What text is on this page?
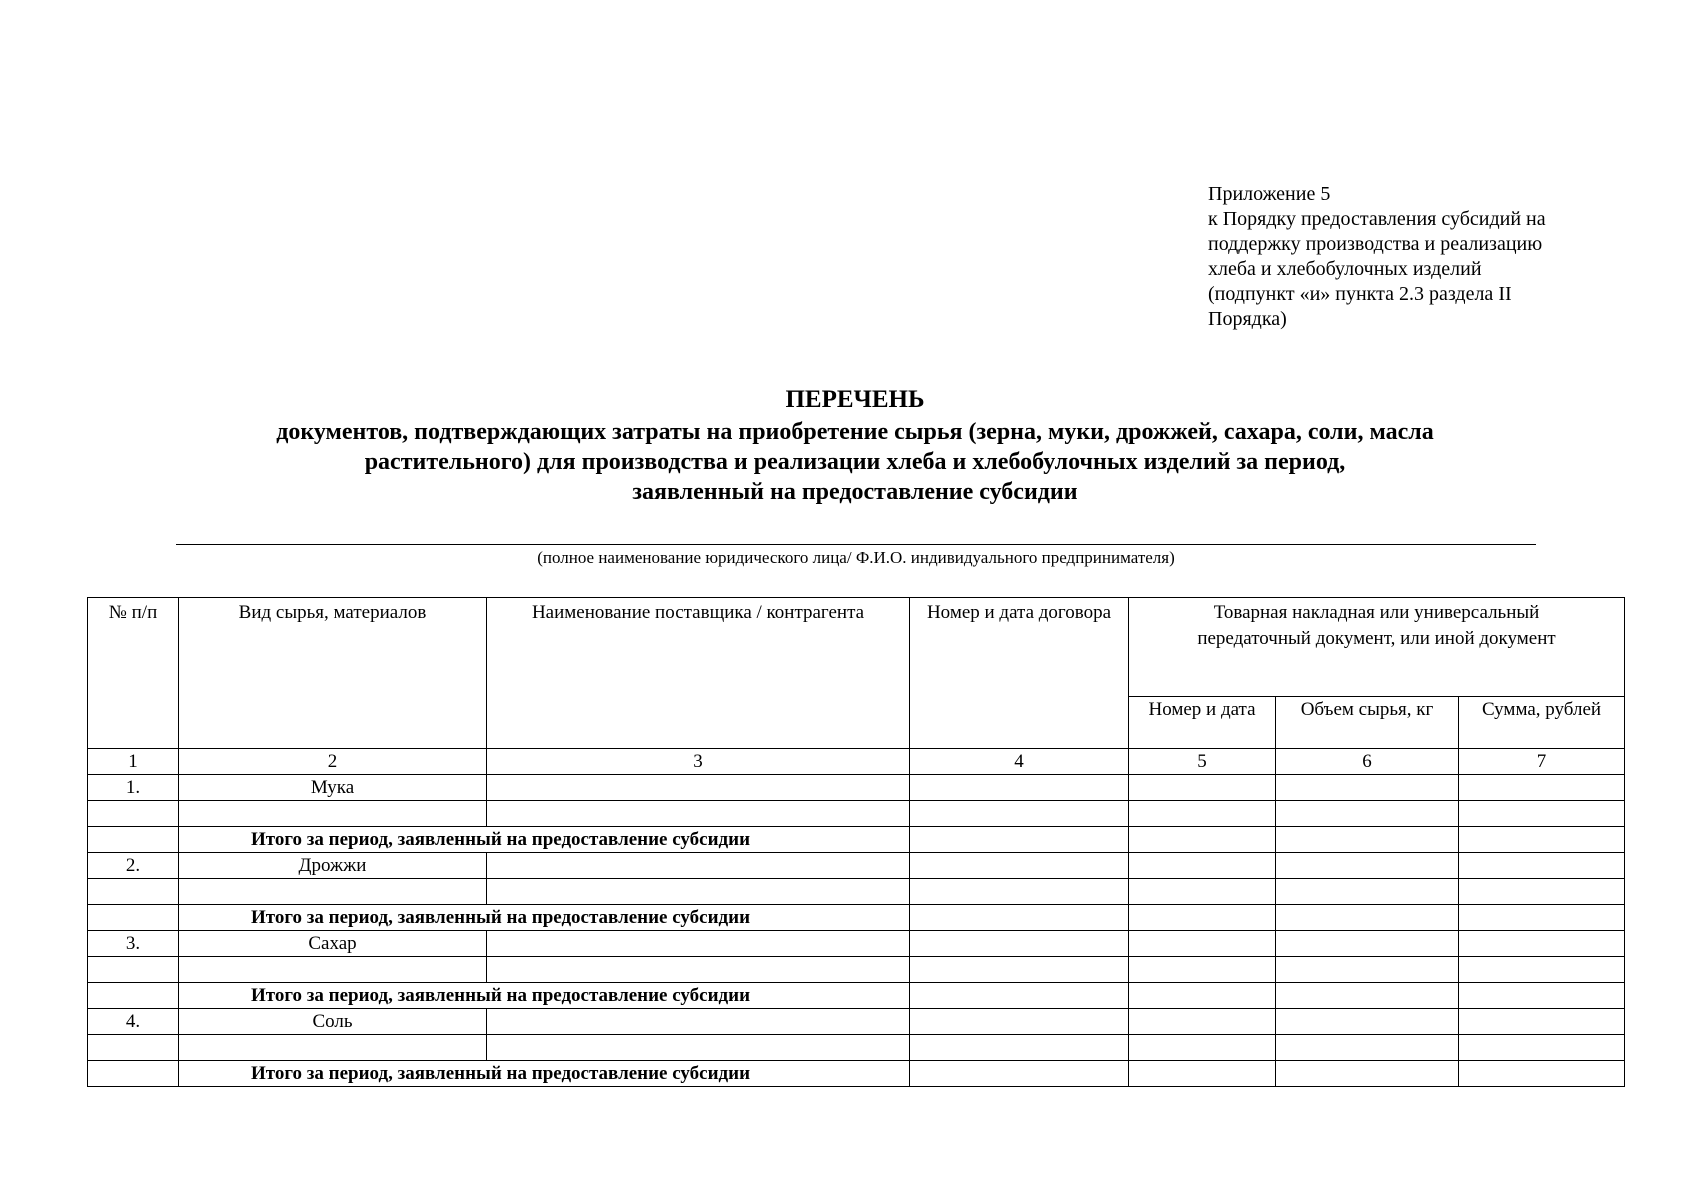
Приложение 5
к Порядку предоставления субсидий на
поддержку производства и реализацию
хлеба и хлебобулочных изделий
(подпункт «и» пункта 2.3 раздела II
Порядка)
ПЕРЕЧЕНЬ
документов, подтверждающих затраты на приобретение сырья (зерна, муки, дрожжей, сахара, соли, масла
растительного) для производства и реализации хлеба и хлебобулочных изделий за период,
заявленный на предоставление субсидии
(полное наименование юридического лица/ Ф.И.О. индивидуального предпринимателя)
№ п/п	Вид сырья, материалов	Наименование поставщика / контрагента	Номер и дата договора	Товарная накладная или универсальный передаточный документ, или иной документ		
				Номер и дата	Объем сырья, кг	Сумма, рублей
1	2	3	4	5	6	7
1.	Мука					

	Итого за период, заявленный на предоставление субсидии					
2.	Дрожжи					

	Итого за период, заявленный на предоставление субсидии					
3.	Сахар					

	Итого за период, заявленный на предоставление субсидии					
4.	Соль					

	Итого за период, заявленный на предоставление субсидии					
